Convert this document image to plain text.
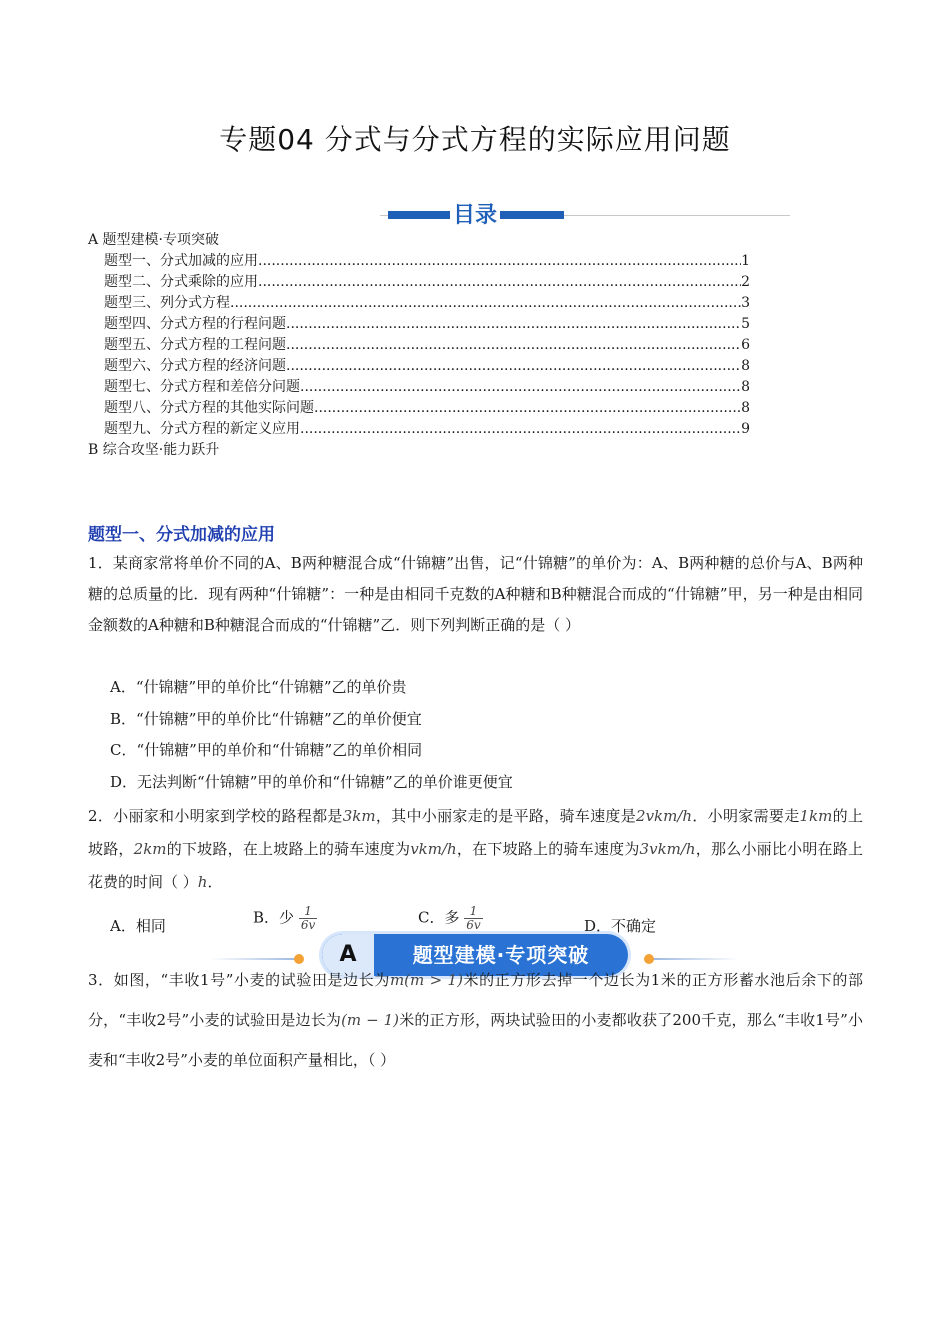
专题04 分式与分式方程的实际应用问题
目录
A 题型建模·专项突破
题型一、分式加减的应用 .....	1
题型二、分式乘除的应用 .....	2
题型三、列分式方程 .....	3
题型四、分式方程的行程问题 .....	5
题型五、分式方程的工程问题 .....	6
题型六、分式方程的经济问题 .....	8
题型七、分式方程和差倍分问题 .....	8
题型八、分式方程的其他实际问题 .....	8
题型九、分式方程的新定义应用 .....	9
B 综合攻坚·能力跃升
A	题型建模·专项突破
题型一、分式加减的应用
1．某商家常将单价不同的A、B两种糖混合成“什锦糖”出售，记“什锦糖”的单价为：A、B两种糖的总价与A、B两种糖的总质量的比．现有两种“什锦糖”：一种是由相同千克数的A种糖和B种糖混合而成的“什锦糖”甲，另一种是由相同金额数的A种糖和B种糖混合而成的“什锦糖”乙．则下列判断正确的是（ ）
A．“什锦糖”甲的单价比“什锦糖”乙的单价贵
B．“什锦糖”甲的单价比“什锦糖”乙的单价便宜
C．“什锦糖”甲的单价和“什锦糖”乙的单价相同
D．无法判断“什锦糖”甲的单价和“什锦糖”乙的单价谁更便宜
2．小丽家和小明家到学校的路程都是3km，其中小丽家走的是平路，骑车速度是2vkm/h．小明家需要走1km的上坡路，2km的下坡路，在上坡路上的骑车速度为vkm/h，在下坡路上的骑车速度为3vkm/h，那么小丽比小明在路上花费的时间（ ）h．
A．相同	B．少 $\frac{1}{6v}$	C．多 $\frac{1}{6v}$	D．不确定
3．如图，“丰收1号”小麦的试验田是边长为m(m > 1)米的正方形去掉一个边长为1米的正方形蓄水池后余下的部分，“丰收2号”小麦的试验田是边长为(m − 1)米的正方形，两块试验田的小麦都收获了200千克，那么“丰收1号”小麦和“丰收2号”小麦的单位面积产量相比，（ ）
